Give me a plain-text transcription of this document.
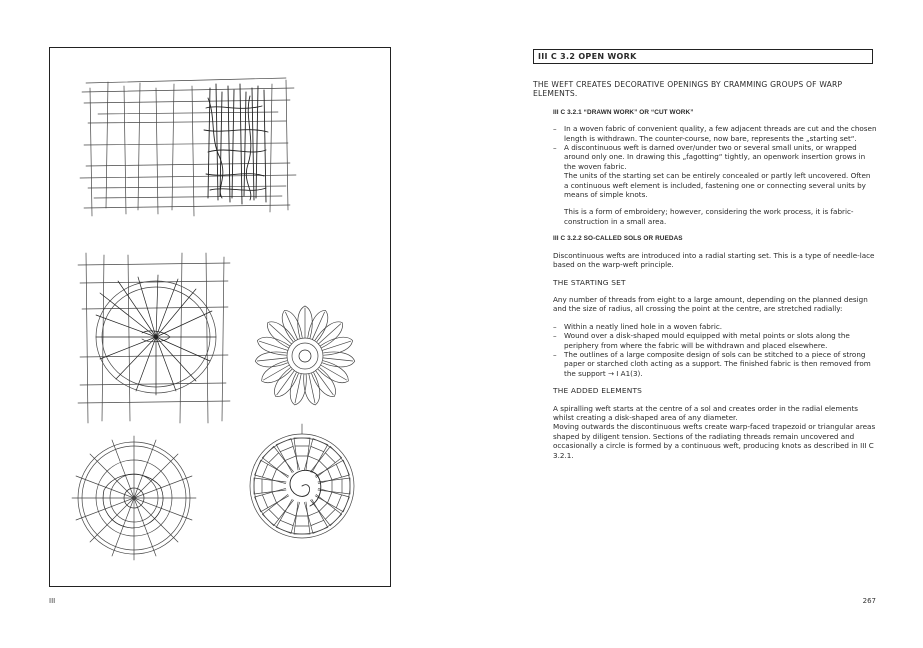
III
III C 3.2 OPEN WORK
THE WEFT CREATES DECORATIVE OPENINGS BY CRAMMING GROUPS OF WARP ELEMENTS.
III C 3.2.1 “DRAWN WORK” OR “CUT WORK”
– In a woven fabric of convenient quality, a few adjacent threads are cut and the chosen length is withdrawn. The counter-course, now bare, represents the „starting set“.
– A discontinuous weft is darned over/under two or several small units, or wrapped around only one. In drawing this „fagotting“ tightly, an openwork insertion grows in the woven fabric.

The units of the starting set can be entirely concealed or partly left uncovered. Often a continuous weft element is included, fastening one or connecting several units by means of simple knots.

This is a form of embroidery; however, considering the work process, it is fabric-construction in a small area.

III C 3.2.2 SO-CALLED SOLS OR RUEDAS

Discontinuous wefts are introduced into a radial starting set. This is a type of needle-lace based on the warp-weft principle.

THE STARTING SET

Any number of threads from eight to a large amount, depending on the planned design and the size of radius, all crossing the point at the centre, are stretched radially:

– Within a neatly lined hole in a woven fabric.
– Wound over a disk-shaped mould equipped with metal points or slots along the periphery from where the fabric will be withdrawn and placed elsewhere.
– The outlines of a large composite design of sols can be stitched to a piece of strong paper or starched cloth acting as a support. The finished fabric is then removed from the support → I A1(3).
THE ADDED ELEMENTS

A spiralling weft starts at the centre of a sol and creates order in the radial elements whilst creating a disk-shaped area of any diameter.

Moving outwards the discontinuous wefts create warp-faced trapezoid or triangular areas shaped by diligent tension. Sections of the radiating threads remain uncovered and occasionally a circle is formed by a continuous weft, producing knots as described in III C 3.2.1.

267
